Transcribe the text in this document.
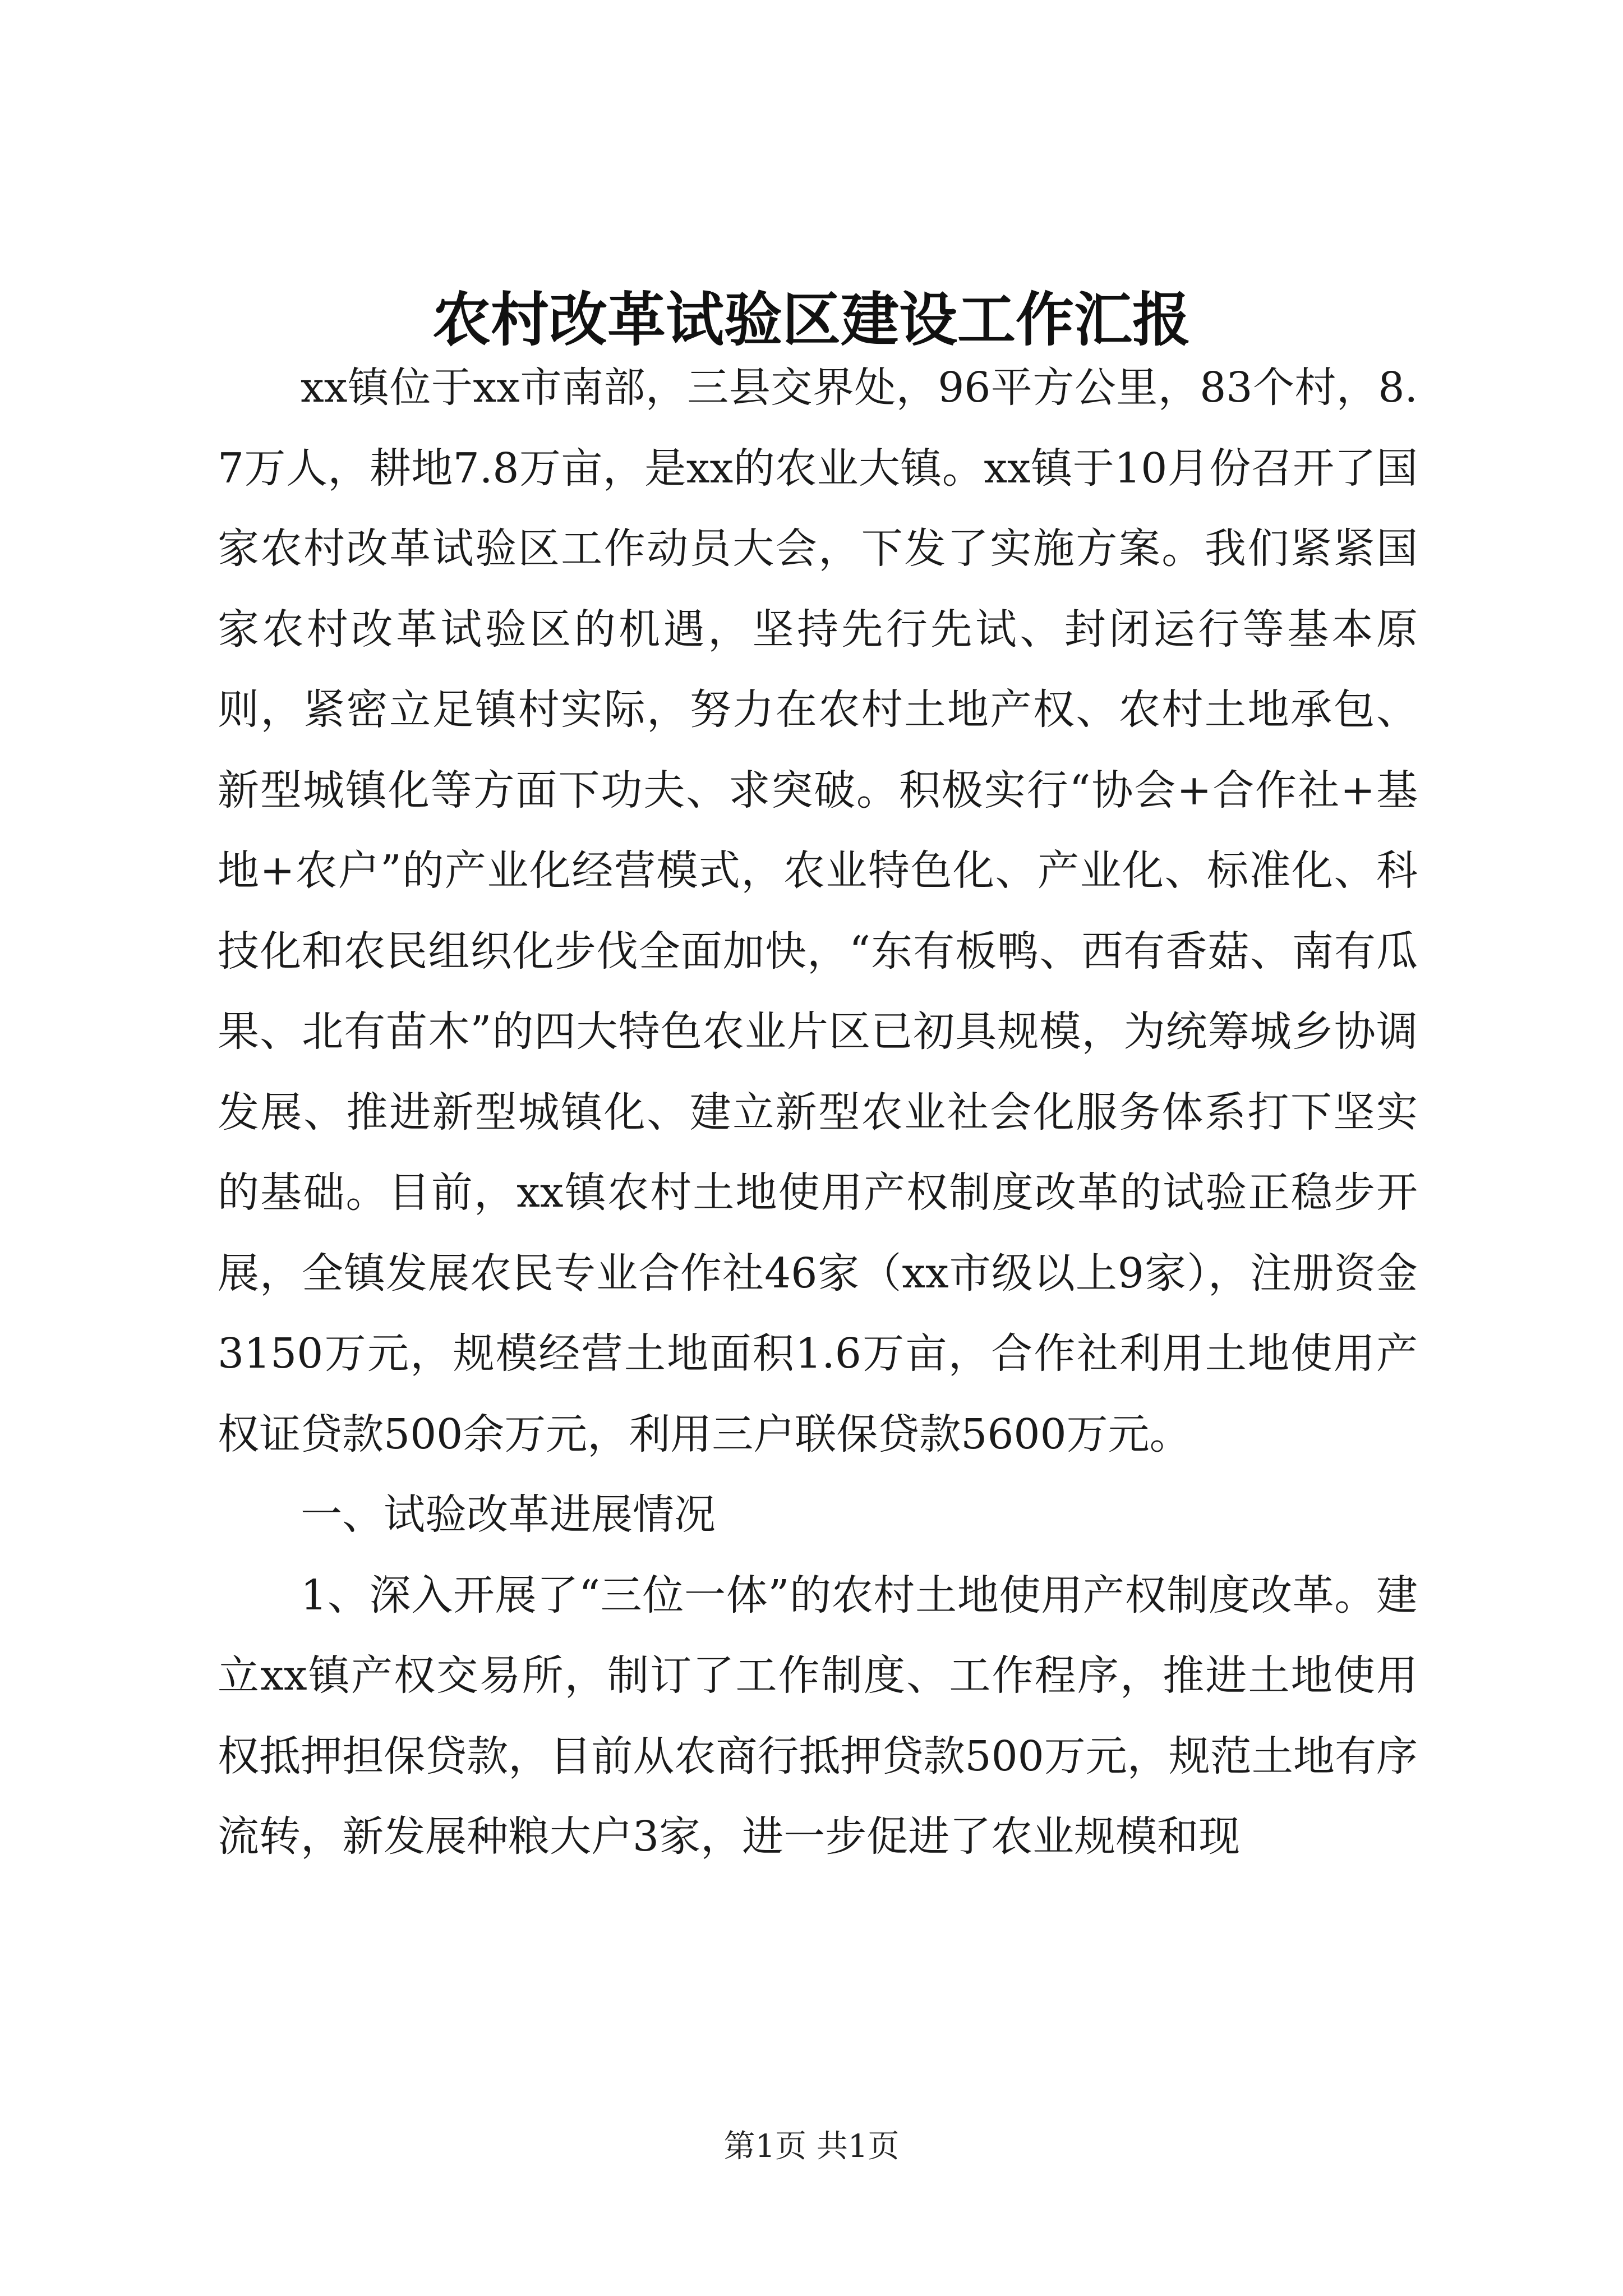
农村改革试验区建设工作汇报

xx镇位于xx市南部，三县交界处，96平方公里，83个村，8.7万人，耕地7.8万亩，是xx的农业大镇。xx镇于10月份召开了国家农村改革试验区工作动员大会，下发了实施方案。我们紧紧国家农村改革试验区的机遇，坚持先行先试、封闭运行等基本原则，紧密立足镇村实际，努力在农村土地产权、农村土地承包、新型城镇化等方面下功夫、求突破。积极实行“协会+合作社+基地+农户”的产业化经营模式，农业特色化、产业化、标准化、科技化和农民组织化步伐全面加快，“东有板鸭、西有香菇、南有瓜果、北有苗木”的四大特色农业片区已初具规模，为统筹城乡协调发展、推进新型城镇化、建立新型农业社会化服务体系打下坚实的基础。目前，xx镇农村土地使用产权制度改革的试验正稳步开展，全镇发展农民专业合作社46家（xx市级以上9家），注册资金3150万元，规模经营土地面积1.6万亩，合作社利用土地使用产权证贷款500余万元，利用三户联保贷款5600万元。

一、试验改革进展情况

1、深入开展了“三位一体”的农村土地使用产权制度改革。建立xx镇产权交易所，制订了工作制度、工作程序，推进土地使用权抵押担保贷款，目前从农商行抵押贷款500万元，规范土地有序流转，新发展种粮大户3家，进一步促进了农业规模和现

第1页 共1页
